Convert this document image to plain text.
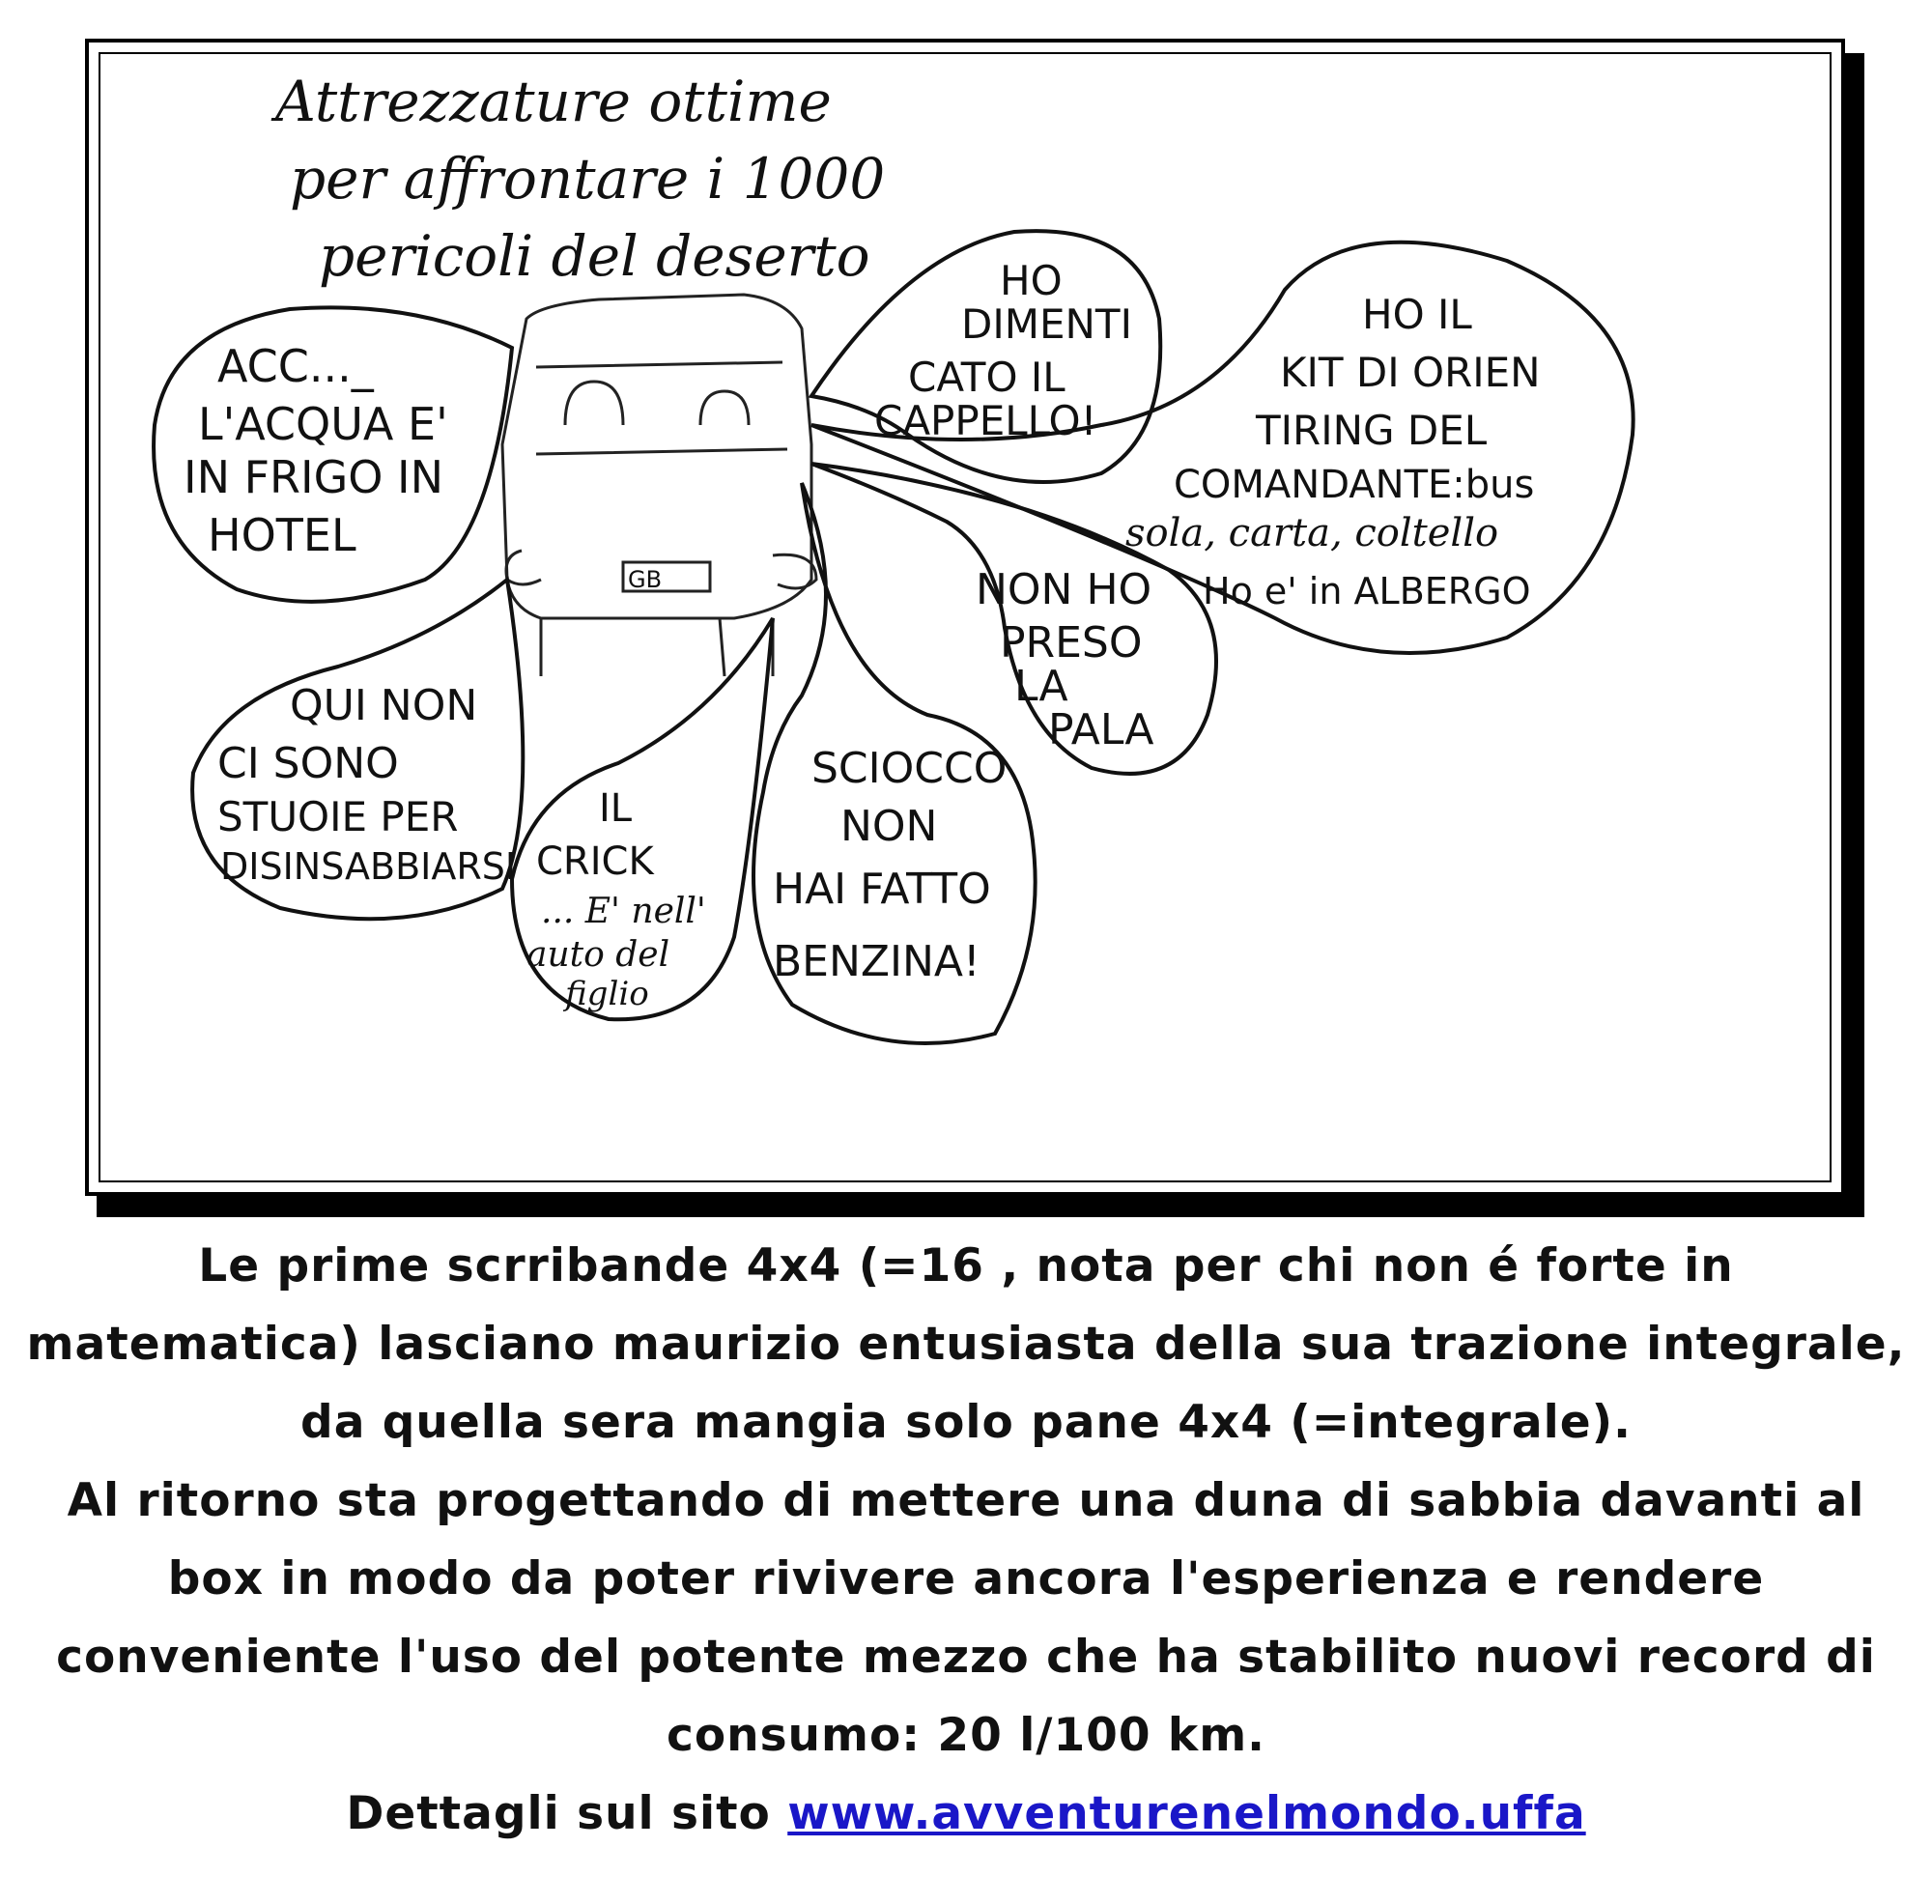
Attrezzature ottime
per affrontare i 1000
pericoli del deserto
GB
ACC..._
L'ACQUA E'
IN FRIGO IN
HOTEL
HO
DIMENTI
CATO IL
CAPPELLO!
HO IL
KIT DI ORIEN
TIRING DEL
COMANDANTE:bus
sola, carta, coltello
Ho e' in ALBERGO
NON HO
PRESO
LA
PALA
QUI NON
CI SONO
STUOIE PER
DISINSABBIARSI
IL
CRICK
... E' nell'
auto del
figlio
SCIOCCO
NON
HAI FATTO
BENZINA!

Le prime scrribande 4x4 (=16 , nota per chi non é forte in

matematica) lasciano maurizio entusiasta della sua trazione integrale,

da quella sera mangia solo pane 4x4 (=integrale).

Al ritorno sta progettando di mettere una duna di sabbia davanti al

box in modo da poter rivivere ancora l'esperienza e rendere

conveniente l'uso del potente mezzo che ha stabilito nuovi record di

consumo: 20 l/100 km.

Dettagli sul sito www.avventurenelmondo.uffa
